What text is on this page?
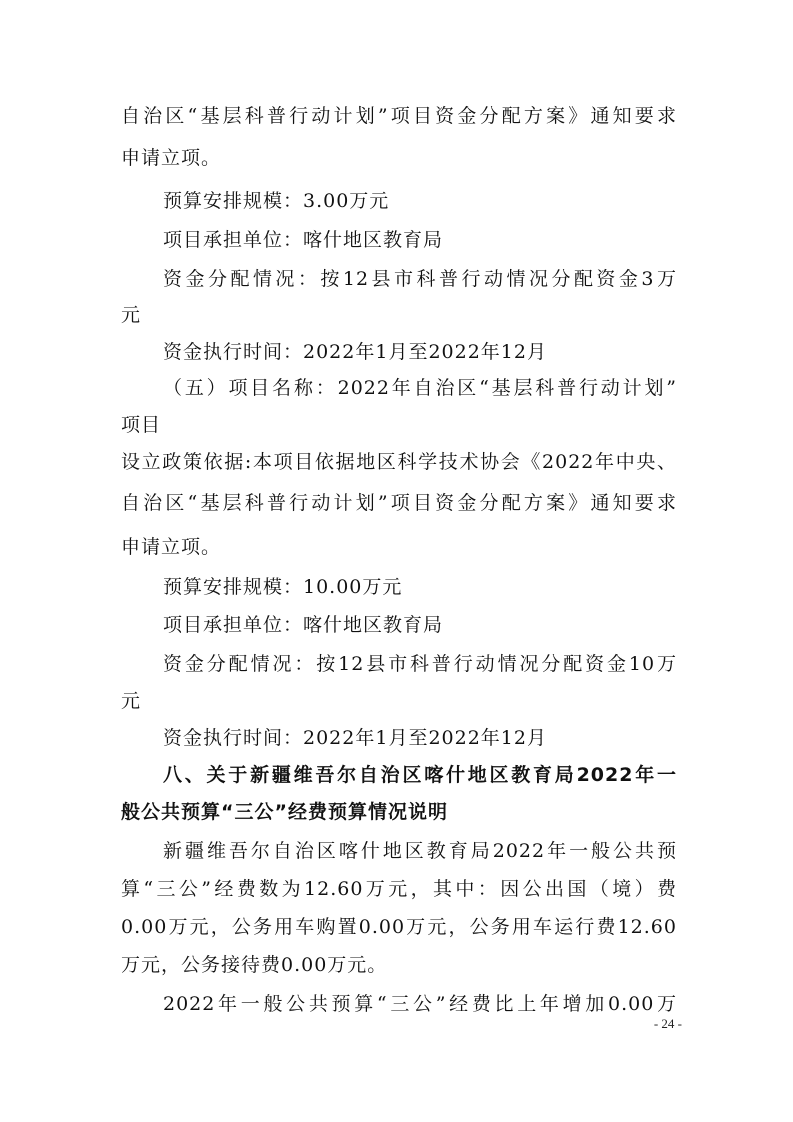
自治区“基层科普行动计划”项目资金分配方案》通知要求
申请立项。
预算安排规模：3.00万元
项目承担单位：喀什地区教育局
资金分配情况：按12县市科普行动情况分配资金3万
元
资金执行时间：2022年1月至2022年12月
（五）项目名称：2022年自治区“基层科普行动计划”
项目
设立政策依据:本项目依据地区科学技术协会《2022年中央、
自治区“基层科普行动计划”项目资金分配方案》通知要求
申请立项。
预算安排规模：10.00万元
项目承担单位：喀什地区教育局
资金分配情况：按12县市科普行动情况分配资金10万
元
资金执行时间：2022年1月至2022年12月
八、关于新疆维吾尔自治区喀什地区教育局2022年一
般公共预算“三公”经费预算情况说明
新疆维吾尔自治区喀什地区教育局2022年一般公共预
算“三公”经费数为12.60万元，其中：因公出国（境）费
0.00万元，公务用车购置0.00万元，公务用车运行费12.60
万元，公务接待费0.00万元。
2022年一般公共预算“三公”经费比上年增加0.00万
- 24 -
